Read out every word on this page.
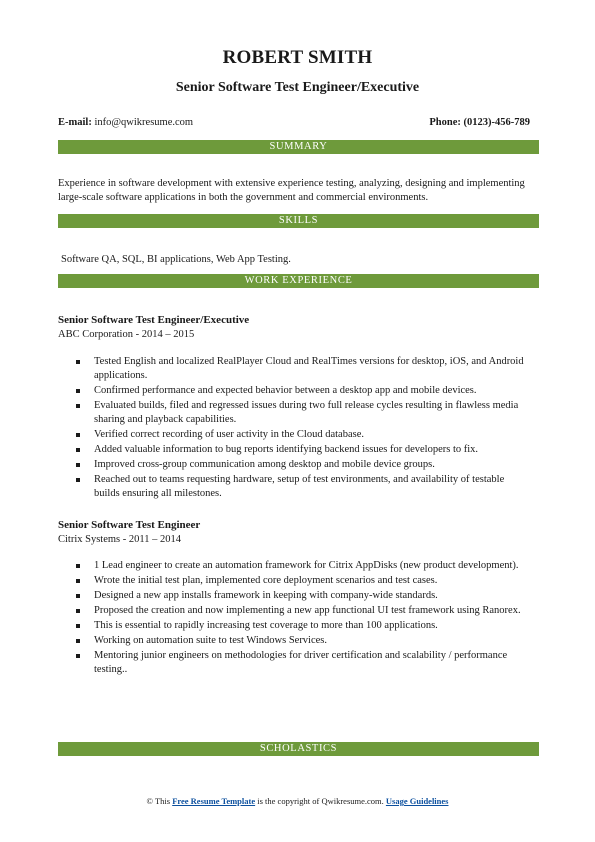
ROBERT SMITH
Senior Software Test Engineer/Executive
E-mail: info@qwikresume.com	Phone: (0123)-456-789
SUMMARY
Experience in software development with extensive experience testing, analyzing, designing and implementing large-scale software applications in both the government and commercial environments.
SKILLS
Software QA, SQL, BI applications, Web App Testing.
WORK EXPERIENCE
Senior Software Test Engineer/Executive
ABC Corporation - 2014 – 2015
Tested English and localized RealPlayer Cloud and RealTimes versions for desktop, iOS, and Android applications.
Confirmed performance and expected behavior between a desktop app and mobile devices.
Evaluated builds, filed and regressed issues during two full release cycles resulting in flawless media sharing and playback capabilities.
Verified correct recording of user activity in the Cloud database.
Added valuable information to bug reports identifying backend issues for developers to fix.
Improved cross-group communication among desktop and mobile device groups.
Reached out to teams requesting hardware, setup of test environments, and availability of testable builds ensuring all milestones.
Senior Software Test Engineer
Citrix Systems - 2011 – 2014
1 Lead engineer to create an automation framework for Citrix AppDisks (new product development).
Wrote the initial test plan, implemented core deployment scenarios and test cases.
Designed a new app installs framework in keeping with company-wide standards.
Proposed the creation and now implementing a new app functional UI test framework using Ranorex.
This is essential to rapidly increasing test coverage to more than 100 applications.
Working on automation suite to test Windows Services.
Mentoring junior engineers on methodologies for driver certification and scalability / performance testing..
SCHOLASTICS
© This Free Resume Template is the copyright of Qwikresume.com. Usage Guidelines
